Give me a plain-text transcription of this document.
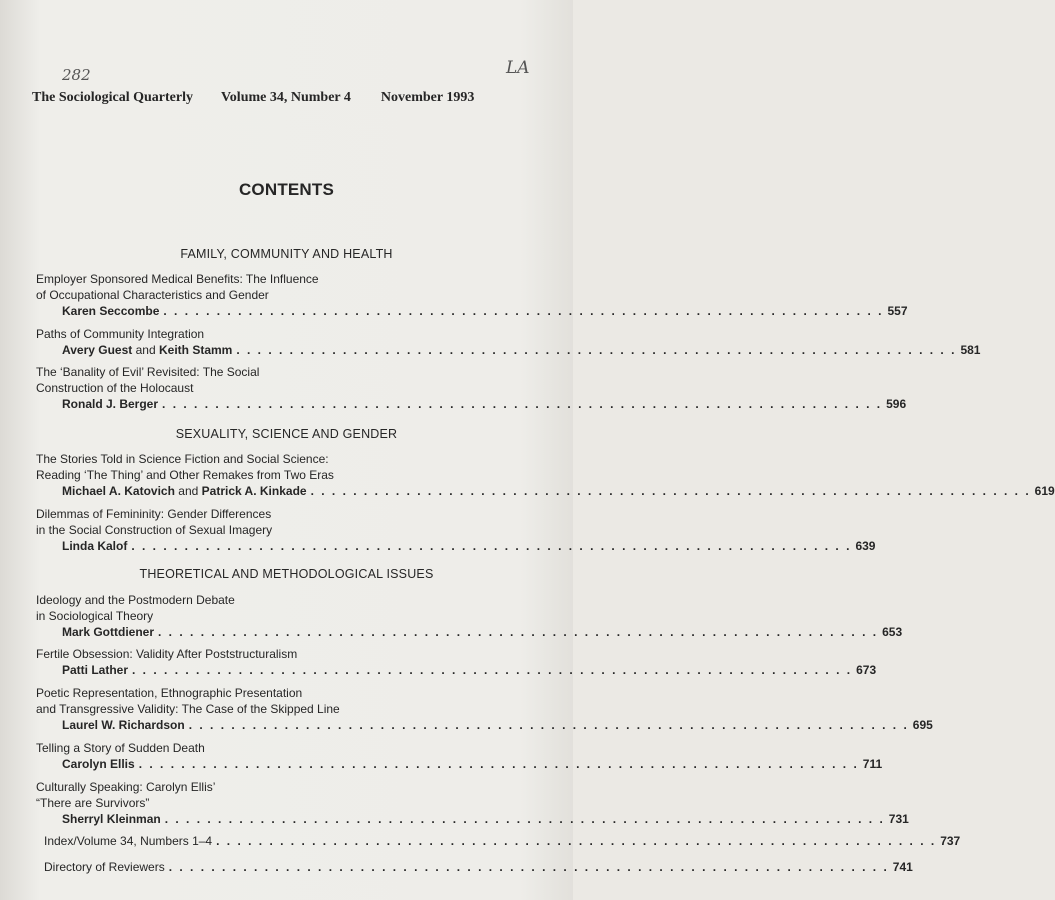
282	LA
The Sociological Quarterly Volume 34, Number 4 November 1993
CONTENTS
FAMILY, COMMUNITY AND HEALTH
Employer Sponsored Medical Benefits: The Influence
of Occupational Characteristics and Gender
Karen Seccombe . . . . . . . . . . . . . . . . . . . . . . . . . . . . . . . . . . . . . . . . . . . . . . . . . . . . . . . . . . . . . . . . . . . . 557
Paths of Community Integration
Avery Guest and Keith Stamm . . . . . . . . . . . . . . . . . . . . . . . . . . . . . . . . . . . . . . . . . . . . . . . . . . . . . . . . . . . . . . . . . . . . 581
The ‘Banality of Evil’ Revisited: The Social
Construction of the Holocaust
Ronald J. Berger . . . . . . . . . . . . . . . . . . . . . . . . . . . . . . . . . . . . . . . . . . . . . . . . . . . . . . . . . . . . . . . . . . . . 596
SEXUALITY, SCIENCE AND GENDER
The Stories Told in Science Fiction and Social Science:
Reading ‘The Thing’ and Other Remakes from Two Eras
Michael A. Katovich and Patrick A. Kinkade . . . . . . . . . . . . . . . . . . . . . . . . . . . . . . . . . . . . . . . . . . . . . . . . . . . . . . . . . . . . . . . . . . . . 619
Dilemmas of Femininity: Gender Differences
in the Social Construction of Sexual Imagery
Linda Kalof . . . . . . . . . . . . . . . . . . . . . . . . . . . . . . . . . . . . . . . . . . . . . . . . . . . . . . . . . . . . . . . . . . . . 639
THEORETICAL AND METHODOLOGICAL ISSUES
Ideology and the Postmodern Debate
in Sociological Theory
Mark Gottdiener . . . . . . . . . . . . . . . . . . . . . . . . . . . . . . . . . . . . . . . . . . . . . . . . . . . . . . . . . . . . . . . . . . . . 653
Fertile Obsession: Validity After Poststructuralism
Patti Lather . . . . . . . . . . . . . . . . . . . . . . . . . . . . . . . . . . . . . . . . . . . . . . . . . . . . . . . . . . . . . . . . . . . . 673
Poetic Representation, Ethnographic Presentation
and Transgressive Validity: The Case of the Skipped Line
Laurel W. Richardson . . . . . . . . . . . . . . . . . . . . . . . . . . . . . . . . . . . . . . . . . . . . . . . . . . . . . . . . . . . . . . . . . . . . 695
Telling a Story of Sudden Death
Carolyn Ellis . . . . . . . . . . . . . . . . . . . . . . . . . . . . . . . . . . . . . . . . . . . . . . . . . . . . . . . . . . . . . . . . . . . . 711
Culturally Speaking: Carolyn Ellis’
“There are Survivors”
Sherryl Kleinman . . . . . . . . . . . . . . . . . . . . . . . . . . . . . . . . . . . . . . . . . . . . . . . . . . . . . . . . . . . . . . . . . . . . 731
Index/Volume 34, Numbers 1–4 . . . . . . . . . . . . . . . . . . . . . . . . . . . . . . . . . . . . . . . . . . . . . . . . . . . . . . . . . . . . . . . . . . . . 737
Directory of Reviewers . . . . . . . . . . . . . . . . . . . . . . . . . . . . . . . . . . . . . . . . . . . . . . . . . . . . . . . . . . . . . . . . . . . . 741
